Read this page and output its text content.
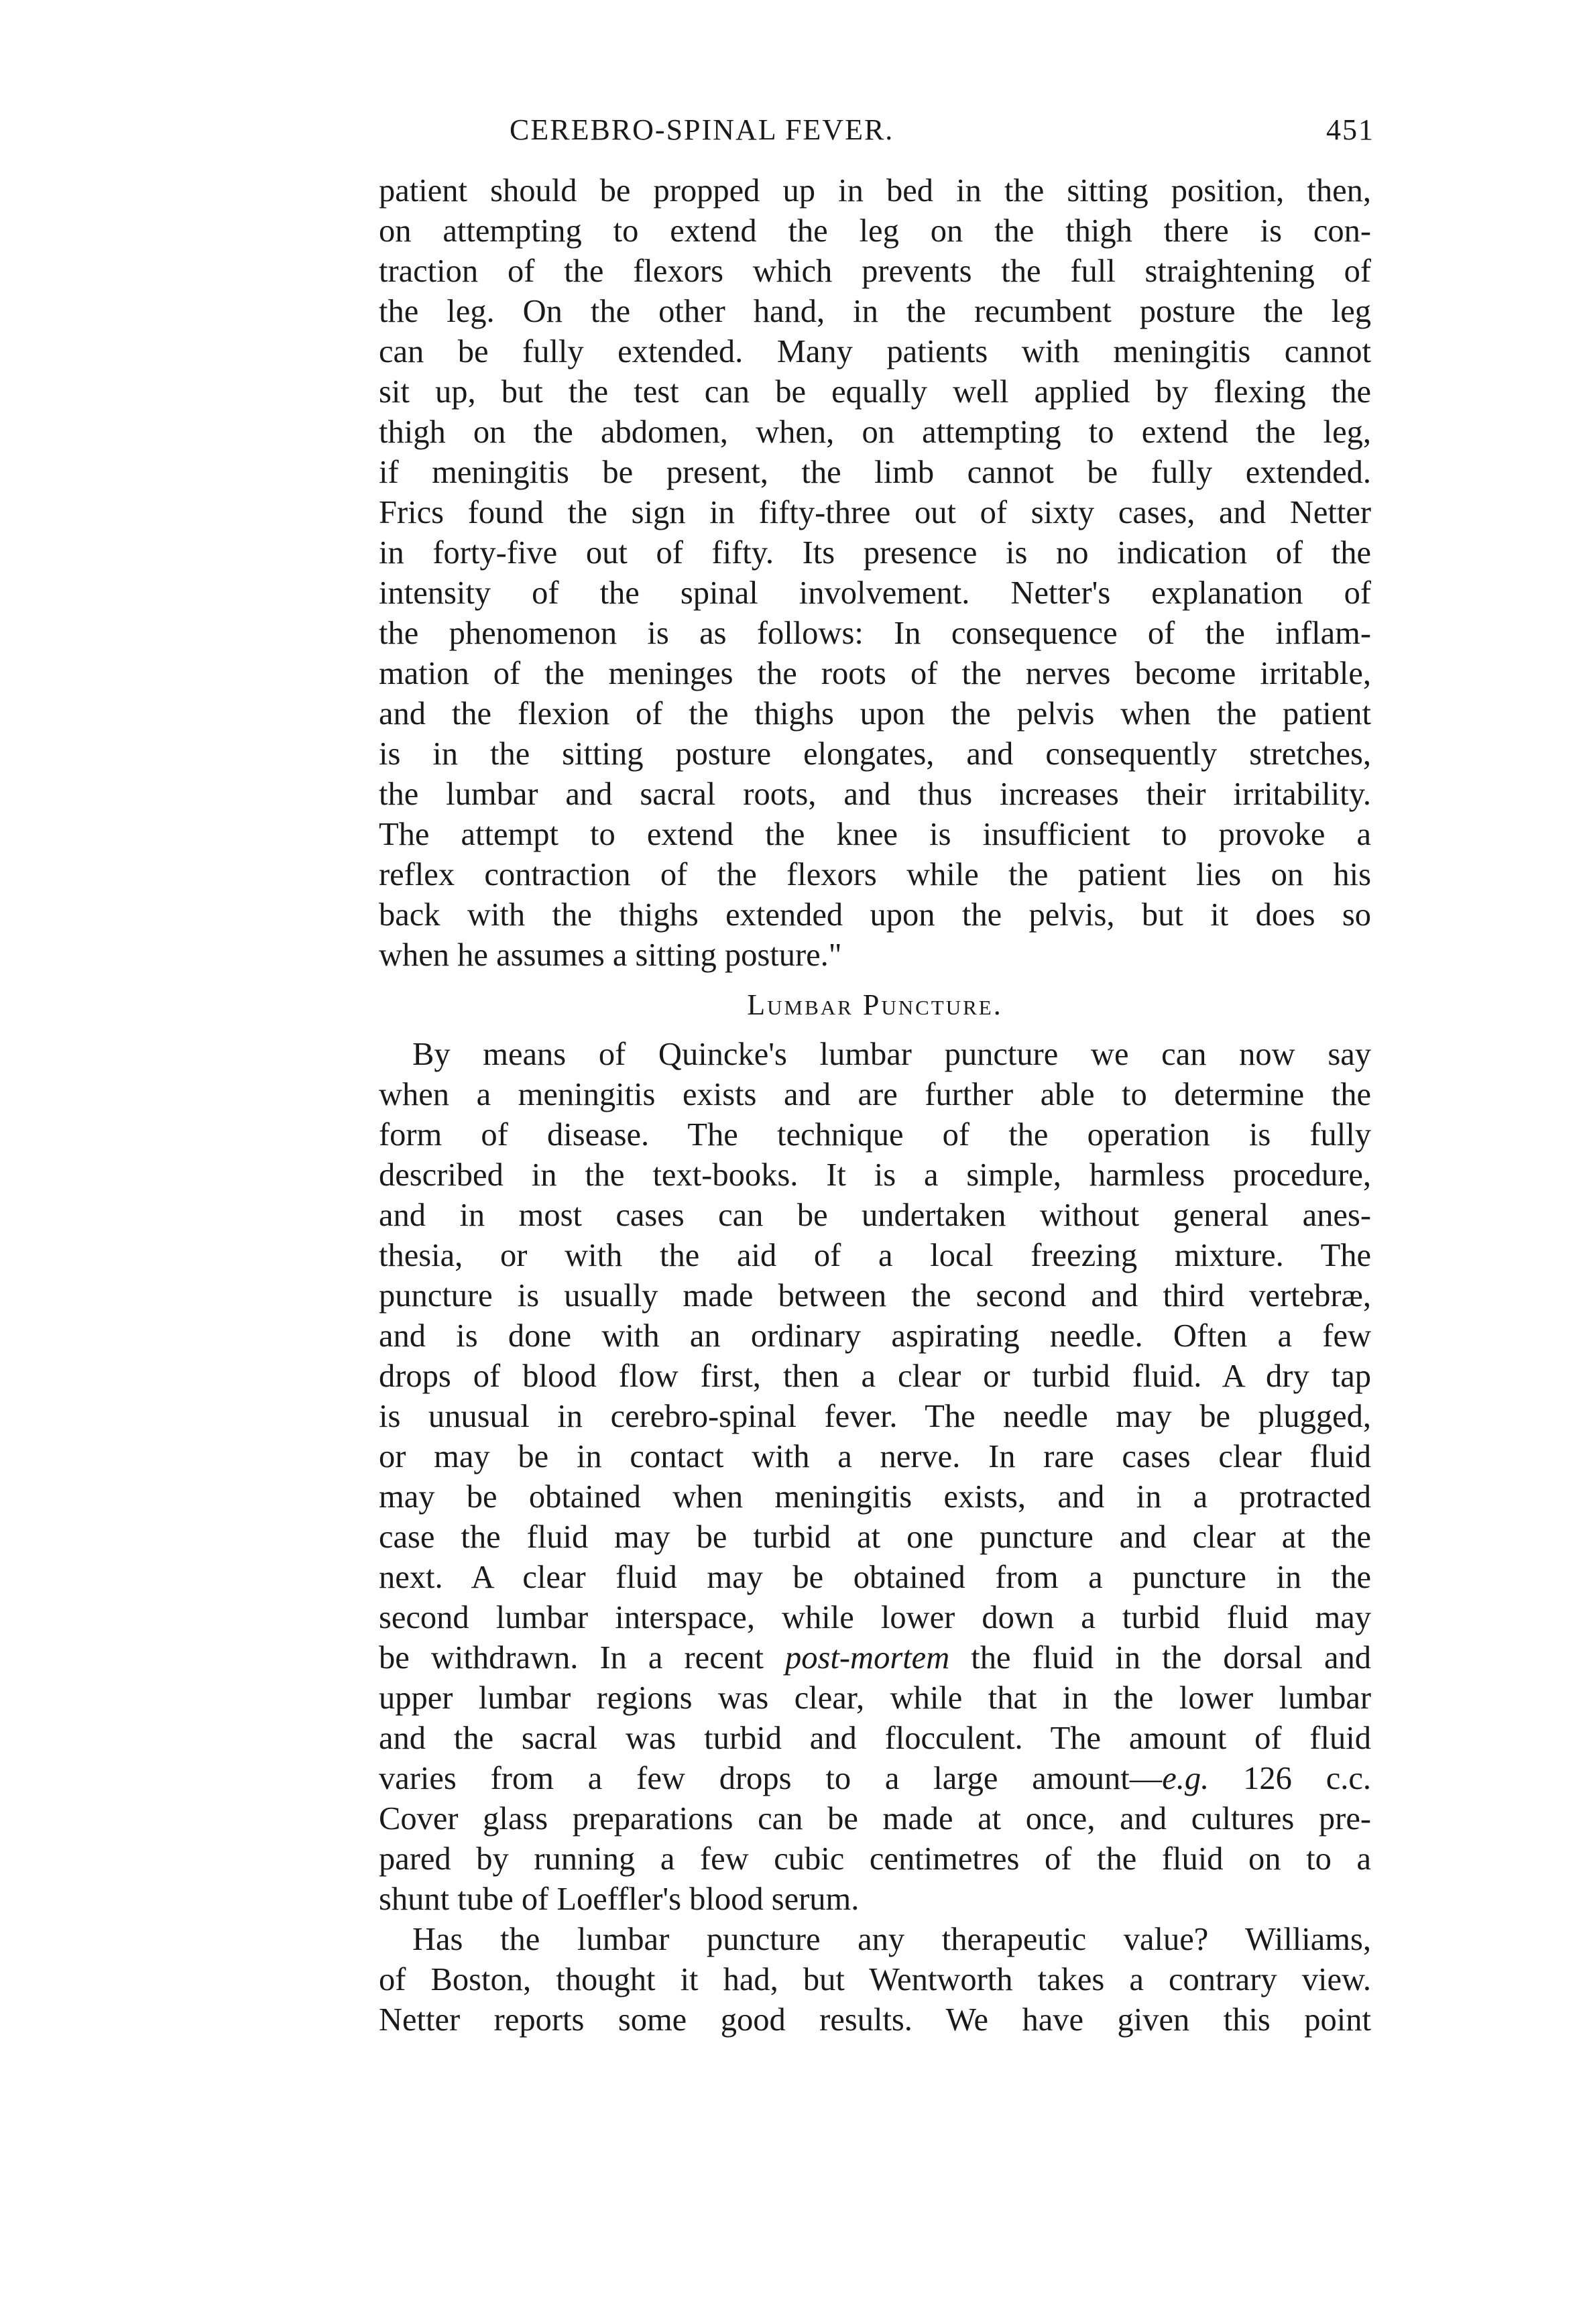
CEREBRO-SPINAL FEVER.	451

patient should be propped up in bed in the sitting position, then,

on attempting to extend the leg on the thigh there is con-

traction of the flexors which prevents the full straightening of

the leg. On the other hand, in the recumbent posture the leg

can be fully extended. Many patients with meningitis cannot

sit up, but the test can be equally well applied by flexing the

thigh on the abdomen, when, on attempting to extend the leg,

if meningitis be present, the limb cannot be fully extended.

Frics found the sign in fifty-three out of sixty cases, and Netter

in forty-five out of fifty. Its presence is no indication of the

intensity of the spinal involvement. Netter's explanation of

the phenomenon is as follows: In consequence of the inflam-

mation of the meninges the roots of the nerves become irritable,

and the flexion of the thighs upon the pelvis when the patient

is in the sitting posture elongates, and consequently stretches,

the lumbar and sacral roots, and thus increases their irritability.

The attempt to extend the knee is insufficient to provoke a

reflex contraction of the flexors while the patient lies on his

back with the thighs extended upon the pelvis, but it does so

when he assumes a sitting posture."

Lumbar Puncture.

By means of Quincke's lumbar puncture we can now say

when a meningitis exists and are further able to determine the

form of disease. The technique of the operation is fully

described in the text-books. It is a simple, harmless procedure,

and in most cases can be undertaken without general anes-

thesia, or with the aid of a local freezing mixture. The

puncture is usually made between the second and third vertebræ,

and is done with an ordinary aspirating needle. Often a few

drops of blood flow first, then a clear or turbid fluid. A dry tap

is unusual in cerebro-spinal fever. The needle may be plugged,

or may be in contact with a nerve. In rare cases clear fluid

may be obtained when meningitis exists, and in a protracted

case the fluid may be turbid at one puncture and clear at the

next. A clear fluid may be obtained from a puncture in the

second lumbar interspace, while lower down a turbid fluid may

be withdrawn. In a recent post-mortem the fluid in the dorsal and

upper lumbar regions was clear, while that in the lower lumbar

and the sacral was turbid and flocculent. The amount of fluid

varies from a few drops to a large amount—e.g. 126 c.c.

Cover glass preparations can be made at once, and cultures pre-

pared by running a few cubic centimetres of the fluid on to a

shunt tube of Loeffler's blood serum.

Has the lumbar puncture any therapeutic value? Williams,

of Boston, thought it had, but Wentworth takes a contrary view.

Netter reports some good results. We have given this point
